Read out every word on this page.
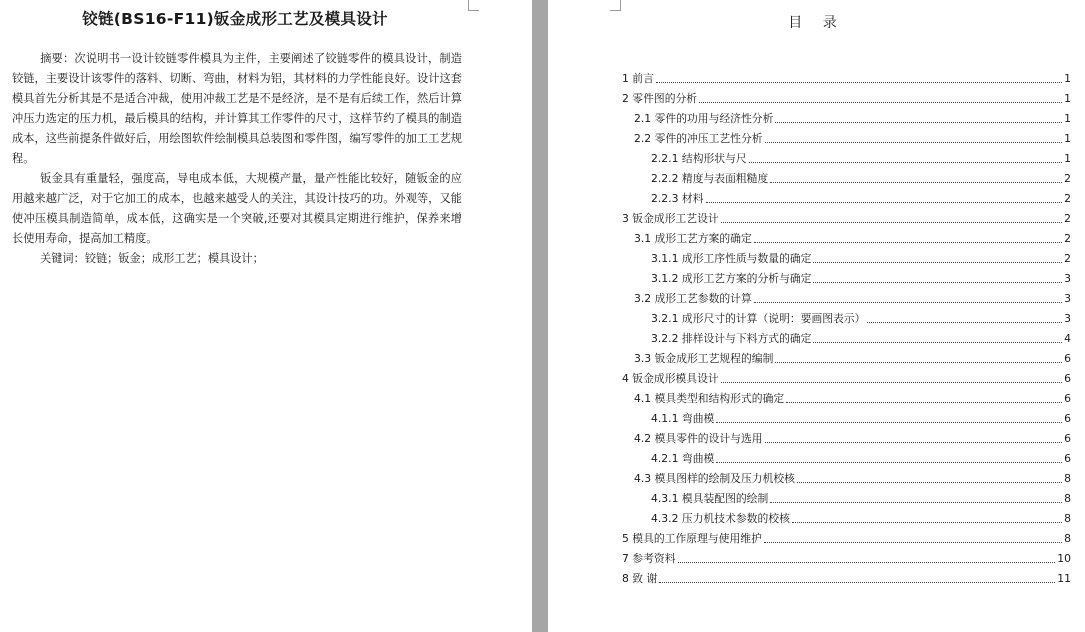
铰链(BS16-F11)钣金成形工艺及模具设计

摘要：次说明书一设计铰链零件模具为主件，主要阐述了铰链零件的模具设计，制造铰链，主要设计该零件的落料、切断、弯曲，材料为铝，其材料的力学性能良好。设计这套模具首先分析其是不是适合冲裁，使用冲裁工艺是不是经济，是不是有后续工作，然后计算冲压力选定的压力机，最后模具的结构，并计算其工作零件的尺寸，这样节约了模具的制造成本，这些前提条件做好后，用绘图软件绘制模具总装图和零件图，编写零件的加工工艺规程。

钣金具有重量轻，强度高，导电成本低，大规模产量，量产性能比较好，随钣金的应用越来越广泛，对于它加工的成本，也越来越受人的关注，其设计技巧的功。外观等，又能使冲压模具制造简单，成本低，这确实是一个突破,还要对其模具定期进行维护，保养来增长使用寿命，提高加工精度。

关键词：铰链；钣金；成形工艺；模具设计；

目 录
1 前言	1
2 零件图的分析	1
2.1 零件的功用与经济性分析	1
2.2 零件的冲压工艺性分析	1
2.2.1 结构形状与尺	1
2.2.2 精度与表面粗糙度	2
2.2.3 材料	2
3 钣金成形工艺设计	2
3.1 成形工艺方案的确定	2
3.1.1 成形工序性质与数量的确定	2
3.1.2 成形工艺方案的分析与确定	3
3.2 成形工艺参数的计算	3
3.2.1 成形尺寸的计算（说明：要画图表示）	3
3.2.2 排样设计与下料方式的确定	4
3.3 钣金成形工艺规程的编制	6
4 钣金成形模具设计	6
4.1 模具类型和结构形式的确定	6
4.1.1 弯曲模	6
4.2 模具零件的设计与选用	6
4.2.1 弯曲模	6
4.3 模具图样的绘制及压力机校核	8
4.3.1 模具装配图的绘制	8
4.3.2 压力机技术参数的校核	8
5 模具的工作原理与使用维护	8
7 参考资料	10
8 致 谢	11
